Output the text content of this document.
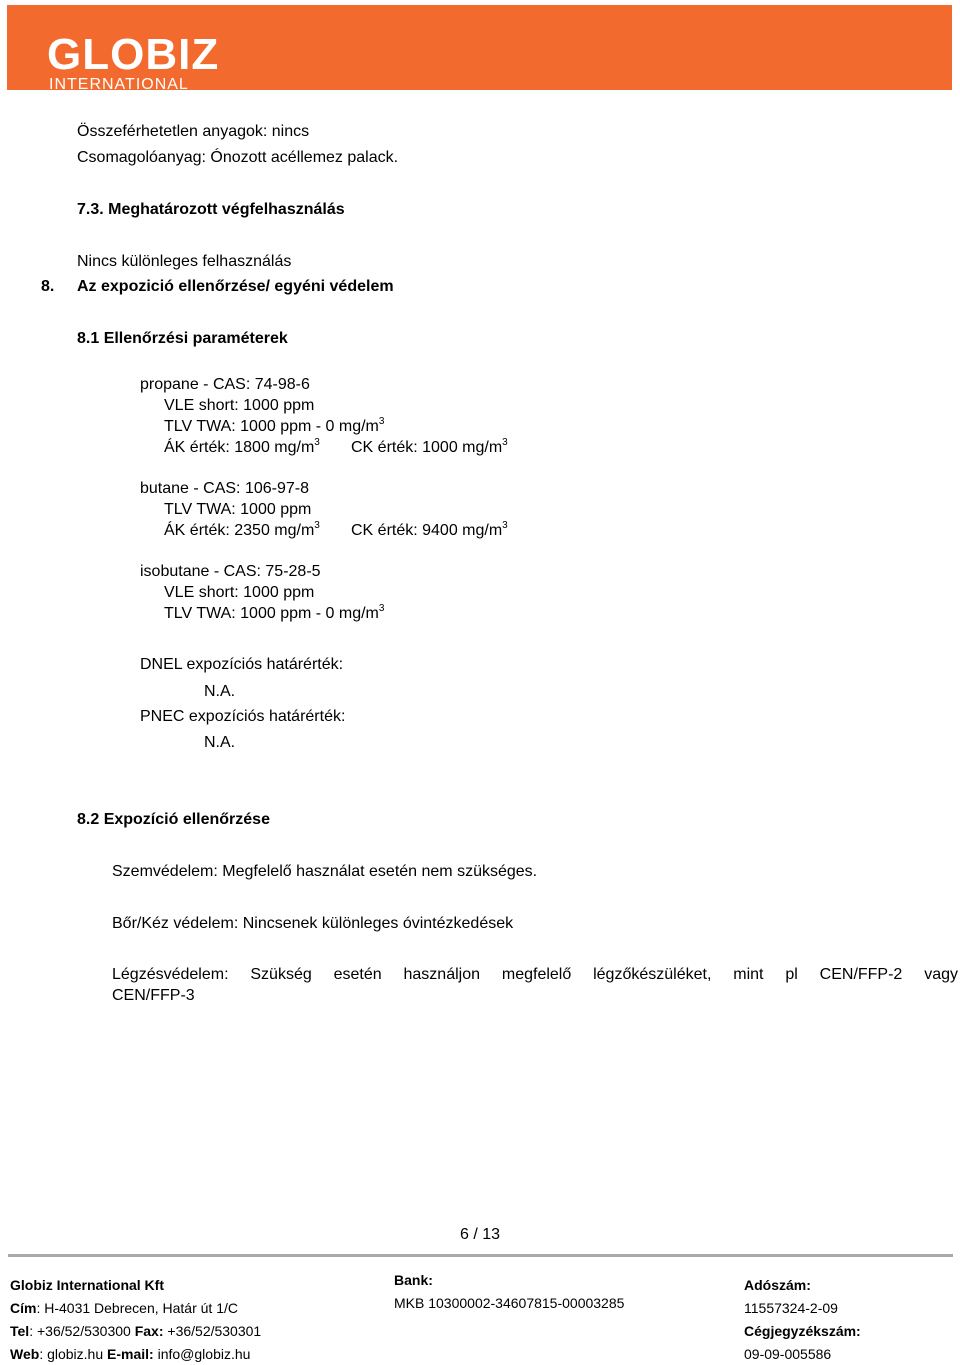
GLOBIZ
INTERNATIONAL
Összeférhetetlen anyagok: nincs
Csomagolóanyag: Ónozott acéllemez palack.
7.3. Meghatározott végfelhasználás
Nincs különleges felhasználás
8. Az expozició ellenőrzése/ egyéni védelem
8.1 Ellenőrzési paraméterek
propane - CAS: 74-98-6
VLE short: 1000 ppm
TLV TWA: 1000 ppm - 0 $mg/m^3$
ÁK érték: 1800 $mg/m^3$ CK érték: 1000 $mg/m^3$
butane - CAS: 106-97-8
TLV TWA: 1000 ppm
ÁK érték: 2350 $mg/m^3$ CK érték: 9400 $mg/m^3$
isobutane - CAS: 75-28-5
VLE short: 1000 ppm
TLV TWA: 1000 ppm - 0 $mg/m^3$
DNEL expozíciós határérték:
N.A.
PNEC expozíciós határérték:
N.A.
8.2 Expozíció ellenőrzése
Szemvédelem: Megfelelő használat esetén nem szükséges.
Bőr/Kéz védelem: Nincsenek különleges óvintézkedések
Légzésvédelem: Szükség esetén használjon megfelelő légzőkészüléket, mint pl CEN/FFP-2 vagy
CEN/FFP-3
6 / 13
Globiz International Kft
Cím: H-4031 Debrecen, Határ út 1/C
Tel: +36/52/530300 Fax: +36/52/530301
Web: globiz.hu E-mail: info@globiz.hu
Bank:
MKB 10300002-34607815-00003285
Adószám:
11557324-2-09
Cégjegyzékszám:
09-09-005586
